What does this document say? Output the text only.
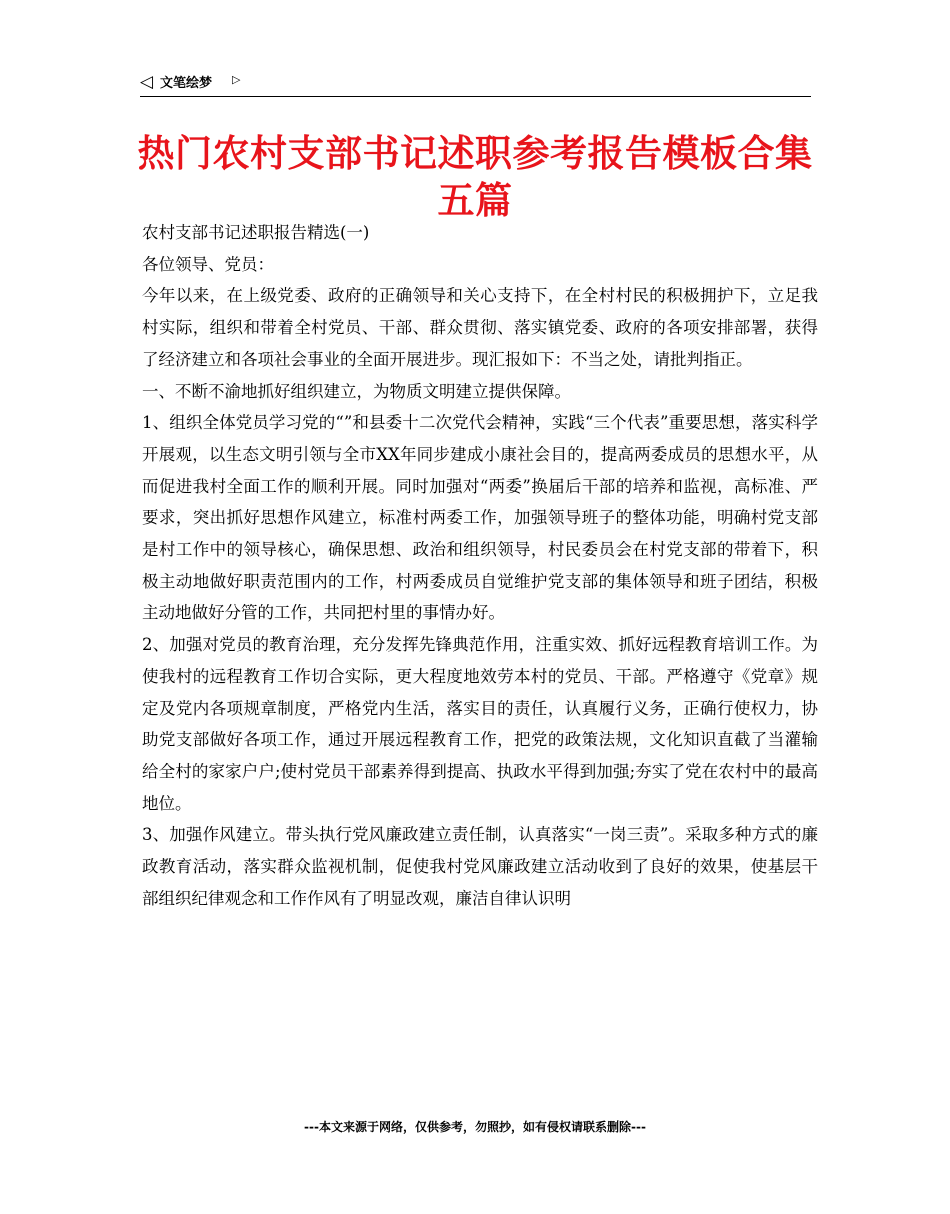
◁ 文笔绘梦 ▷
热门农村支部书记述职参考报告模板合集五篇

农村支部书记述职报告精选(一)

各位领导、党员：

今年以来，在上级党委、政府的正确领导和关心支持下，在全村村民的积极拥护下，立足我村实际，组织和带着全村党员、干部、群众贯彻、落实镇党委、政府的各项安排部署，获得了经济建立和各项社会事业的全面开展进步。现汇报如下：不当之处，请批判指正。

一、不断不渝地抓好组织建立，为物质文明建立提供保障。

1、组织全体党员学习党的“”和县委十二次党代会精神，实践“三个代表”重要思想，落实科学开展观，以生态文明引领与全市XX年同步建成小康社会目的，提高两委成员的思想水平，从而促进我村全面工作的顺利开展。同时加强对“两委”换届后干部的培养和监视，高标准、严要求，突出抓好思想作风建立，标准村两委工作，加强领导班子的整体功能，明确村党支部是村工作中的领导核心，确保思想、政治和组织领导，村民委员会在村党支部的带着下，积极主动地做好职责范围内的工作，村两委成员自觉维护党支部的集体领导和班子团结，积极主动地做好分管的工作，共同把村里的事情办好。

2、加强对党员的教育治理，充分发挥先锋典范作用，注重实效、抓好远程教育培训工作。为使我村的远程教育工作切合实际，更大程度地效劳本村的党员、干部。严格遵守《党章》规定及党内各项规章制度，严格党内生活，落实目的责任，认真履行义务，正确行使权力，协助党支部做好各项工作，通过开展远程教育工作，把党的政策法规，文化知识直截了当灌输给全村的家家户户;使村党员干部素养得到提高、执政水平得到加强;夯实了党在农村中的最高地位。

3、加强作风建立。带头执行党风廉政建立责任制，认真落实“一岗三责”。采取多种方式的廉政教育活动，落实群众监视机制，促使我村党风廉政建立活动收到了良好的效果，使基层干部组织纪律观念和工作作风有了明显改观，廉洁自律认识明

---本文来源于网络，仅供参考，勿照抄，如有侵权请联系删除---
